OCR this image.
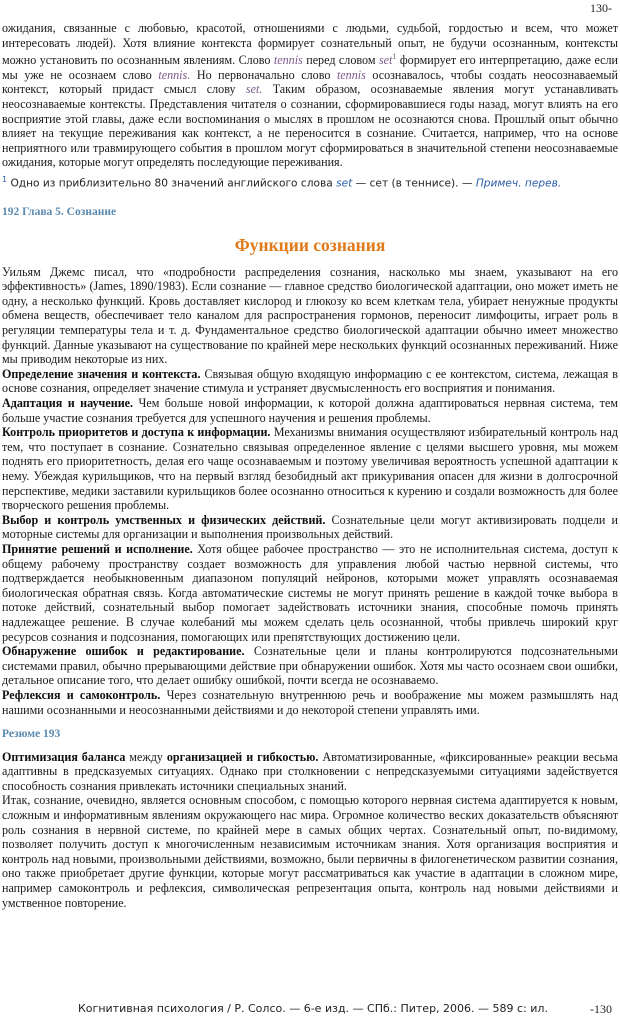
130-

ожидания, связанные с любовью, красотой, отношениями с людьми, судьбой, гордостью и всем, что может интересовать людей). Хотя влияние контекста формирует сознательный опыт, не будучи осознанным, контексты можно установить по осознанным явлениям. Слово tennis перед словом set$^1$ формирует его интерпретацию, даже если мы уже не осознаем слово tennis. Но первоначально слово tennis осознавалось, чтобы создать неосознаваемый контекст, который придаст смысл слову set. Таким образом, осознаваемые явления могут устанавливать неосознаваемые контексты. Представления читателя о сознании, сформировавшиеся годы назад, могут влиять на его восприятие этой главы, даже если воспоминания о мыслях в прошлом не осознаются снова. Прошлый опыт обычно влияет на текущие переживания как контекст, а не переносится в сознание. Считается, например, что на основе неприятного или травмирующего события в прошлом могут сформироваться в значительной степени неосознаваемые ожидания, которые могут определять последующие переживания.

$^1$ Одно из приблизительно 80 значений английского слова set — сет (в теннисе). — Примеч. перев.

192 Глава 5. Сознание

Функции сознания

Уильям Джемс писал, что «подробности распределения сознания, насколько мы знаем, указывают на его эффективность» (James, 1890/1983). Если сознание — главное средство биологической адаптации, оно может иметь не одну, а несколько функций. Кровь доставляет кислород и глюкозу ко всем клеткам тела, убирает ненужные продукты обмена веществ, обеспечивает тело каналом для распространения гормонов, переносит лимфоциты, играет роль в регуляции температуры тела и т. д. Фундаментальное средство биологической адаптации обычно имеет множество функций. Данные указывают на существование по крайней мере нескольких функций осознанных переживаний. Ниже мы приводим некоторые из них.

Определение значения и контекста. Связывая общую входящую информацию с ее контекстом, система, лежащая в основе сознания, определяет значение стимула и устраняет двусмысленность его восприятия и понимания.

Адаптация и научение. Чем больше новой информации, к которой должна адаптироваться нервная система, тем больше участие сознания требуется для успешного научения и решения проблемы.

Контроль приоритетов и доступа к информации. Механизмы внимания осуществляют избирательный контроль над тем, что поступает в сознание. Сознательно связывая определенное явление с целями высшего уровня, мы можем поднять его приоритетность, делая его чаще осознаваемым и поэтому увеличивая вероятность успешной адаптации к нему. Убеждая курильщиков, что на первый взгляд безобидный акт прикуривания опасен для жизни в долгосрочной перспективе, медики заставили курильщиков более осознанно относиться к курению и создали возможность для более творческого решения проблемы.

Выбор и контроль умственных и физических действий. Сознательные цели могут активизировать подцели и моторные системы для организации и выполнения произвольных действий.

Принятие решений и исполнение. Хотя общее рабочее пространство — это не исполнительная система, доступ к общему рабочему пространству создает возможность для управления любой частью нервной системы, что подтверждается необыкновенным диапазоном популяций нейронов, которыми может управлять осознаваемая биологическая обратная связь. Когда автоматические системы не могут принять решение в каждой точке выбора в потоке действий, сознательный выбор помогает задействовать источники знания, способные помочь принять надлежащее решение. В случае колебаний мы можем сделать цель осознанной, чтобы привлечь широкий круг ресурсов сознания и подсознания, помогающих или препятствующих достижению цели.

Обнаружение ошибок и редактирование. Сознательные цели и планы контролируются подсознательными системами правил, обычно прерывающими действие при обнаружении ошибок. Хотя мы часто осознаем свои ошибки, детальное описание того, что делает ошибку ошибкой, почти всегда не осознаваемо.

Рефлексия и самоконтроль. Через сознательную внутреннюю речь и воображение мы можем размышлять над нашими осознанными и неосознанными действиями и до некоторой степени управлять ими.

Резюме 193

Оптимизация баланса между организацией и гибкостью. Автоматизированные, «фиксированные» реакции весьма адаптивны в предсказуемых ситуациях. Однако при столкновении с непредсказуемыми ситуациями задействуется способность сознания привлекать источники специальных знаний.

Итак, сознание, очевидно, является основным способом, с помощью которого нервная система адаптируется к новым, сложным и информативным явлениям окружающего нас мира. Огромное количество веских доказательств объясняют роль сознания в нервной системе, по крайней мере в самых общих чертах. Сознательный опыт, по-видимому, позволяет получить доступ к многочисленным независимым источникам знания. Хотя организация восприятия и контроль над новыми, произвольными действиями, возможно, были первичны в филогенетическом развитии сознания, оно также приобретает другие функции, которые могут рассматриваться как участие в адаптации в сложном мире, например самоконтроль и рефлексия, символическая репрезентация опыта, контроль над новыми действиями и умственное повторение.

Когнитивная психология / Р. Солсо. — 6-е изд. — СПб.: Питер, 2006. — 589 с: ил.	-130
